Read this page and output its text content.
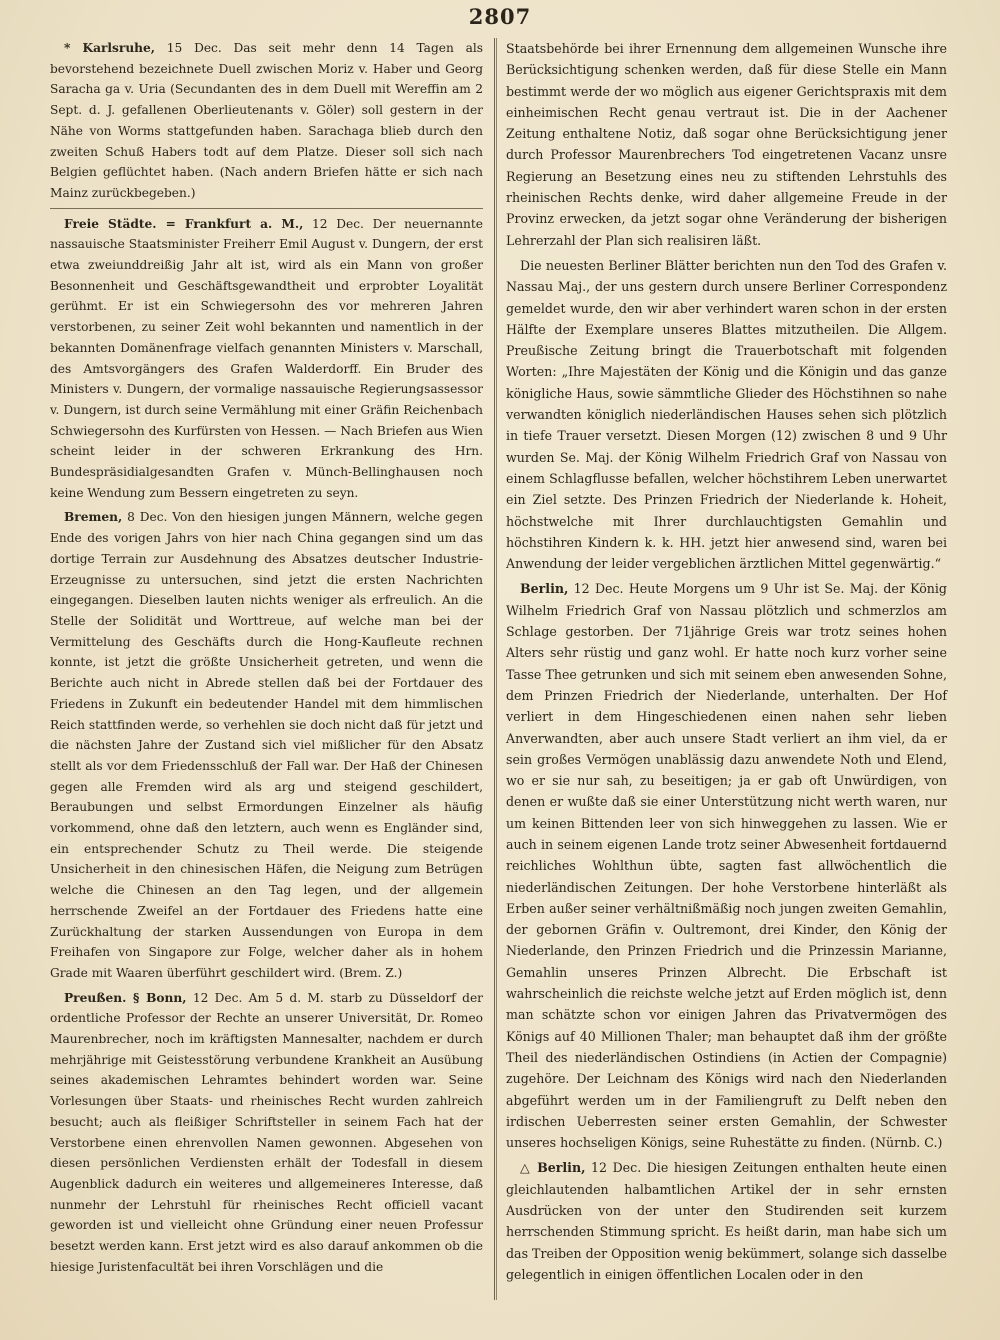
2807

* Karlsruhe, 15 Dec. Das seit mehr denn 14 Tagen als bevorstehend bezeichnete Duell zwischen Moriz v. Haber und Georg Saracha ga v. Uria (Secundanten des in dem Duell mit Wereffin am 2 Sept. d. J. gefallenen Oberlieutenants v. Göler) soll gestern in der Nähe von Worms stattgefunden haben. Sarachaga blieb durch den zweiten Schuß Habers todt auf dem Platze. Dieser soll sich nach Belgien geflüchtet haben. (Nach andern Briefen hätte er sich nach Mainz zurückbegeben.)

Freie Städte. = Frankfurt a. M., 12 Dec. Der neuernannte nassauische Staatsminister Freiherr Emil August v. Dungern, der erst etwa zweiunddreißig Jahr alt ist, wird als ein Mann von großer Besonnenheit und Geschäftsgewandtheit und erprobter Loyalität gerühmt. Er ist ein Schwiegersohn des vor mehreren Jahren verstorbenen, zu seiner Zeit wohl bekannten und namentlich in der bekannten Domänenfrage vielfach genannten Ministers v. Marschall, des Amtsvorgängers des Grafen Walderdorff. Ein Bruder des Ministers v. Dungern, der vormalige nassauische Regierungsassessor v. Dungern, ist durch seine Vermählung mit einer Gräfin Reichenbach Schwiegersohn des Kurfürsten von Hessen. — Nach Briefen aus Wien scheint leider in der schweren Erkrankung des Hrn. Bundespräsidialgesandten Grafen v. Münch-Bellinghausen noch keine Wendung zum Bessern eingetreten zu seyn.

Bremen, 8 Dec. Von den hiesigen jungen Männern, welche gegen Ende des vorigen Jahrs von hier nach China gegangen sind um das dortige Terrain zur Ausdehnung des Absatzes deutscher Industrie-Erzeugnisse zu untersuchen, sind jetzt die ersten Nachrichten eingegangen. Dieselben lauten nichts weniger als erfreulich. An die Stelle der Solidität und Worttreue, auf welche man bei der Vermittelung des Geschäfts durch die Hong-Kaufleute rechnen konnte, ist jetzt die größte Unsicherheit getreten, und wenn die Berichte auch nicht in Abrede stellen daß bei der Fortdauer des Friedens in Zukunft ein bedeutender Handel mit dem himmlischen Reich stattfinden werde, so verhehlen sie doch nicht daß für jetzt und die nächsten Jahre der Zustand sich viel mißlicher für den Absatz stellt als vor dem Friedensschluß der Fall war. Der Haß der Chinesen gegen alle Fremden wird als arg und steigend geschildert, Beraubungen und selbst Ermordungen Einzelner als häufig vorkommend, ohne daß den letztern, auch wenn es Engländer sind, ein entsprechender Schutz zu Theil werde. Die steigende Unsicherheit in den chinesischen Häfen, die Neigung zum Betrügen welche die Chinesen an den Tag legen, und der allgemein herrschende Zweifel an der Fortdauer des Friedens hatte eine Zurückhaltung der starken Aussendungen von Europa in dem Freihafen von Singapore zur Folge, welcher daher als in hohem Grade mit Waaren überführt geschildert wird. (Brem. Z.)

Preußen. § Bonn, 12 Dec. Am 5 d. M. starb zu Düsseldorf der ordentliche Professor der Rechte an unserer Universität, Dr. Romeo Maurenbrecher, noch im kräftigsten Mannesalter, nachdem er durch mehrjährige mit Geistesstörung verbundene Krankheit an Ausübung seines akademischen Lehramtes behindert worden war. Seine Vorlesungen über Staats- und rheinisches Recht wurden zahlreich besucht; auch als fleißiger Schriftsteller in seinem Fach hat der Verstorbene einen ehrenvollen Namen gewonnen. Abgesehen von diesen persönlichen Verdiensten erhält der Todesfall in diesem Augenblick dadurch ein weiteres und allgemeineres Interesse, daß nunmehr der Lehrstuhl für rheinisches Recht officiell vacant geworden ist und vielleicht ohne Gründung einer neuen Professur besetzt werden kann. Erst jetzt wird es also darauf ankommen ob die hiesige Juristenfacultät bei ihren Vorschlägen und die

Staatsbehörde bei ihrer Ernennung dem allgemeinen Wunsche ihre Berücksichtigung schenken werden, daß für diese Stelle ein Mann bestimmt werde der wo möglich aus eigener Gerichtspraxis mit dem einheimischen Recht genau vertraut ist. Die in der Aachener Zeitung enthaltene Notiz, daß sogar ohne Berücksichtigung jener durch Professor Maurenbrechers Tod eingetretenen Vacanz unsre Regierung an Besetzung eines neu zu stiftenden Lehrstuhls des rheinischen Rechts denke, wird daher allgemeine Freude in der Provinz erwecken, da jetzt sogar ohne Veränderung der bisherigen Lehrerzahl der Plan sich realisiren läßt.

Die neuesten Berliner Blätter berichten nun den Tod des Grafen v. Nassau Maj., der uns gestern durch unsere Berliner Correspondenz gemeldet wurde, den wir aber verhindert waren schon in der ersten Hälfte der Exemplare unseres Blattes mitzutheilen. Die Allgem. Preußische Zeitung bringt die Trauerbotschaft mit folgenden Worten: „Ihre Majestäten der König und die Königin und das ganze königliche Haus, sowie sämmtliche Glieder des Höchstihnen so nahe verwandten königlich niederländischen Hauses sehen sich plötzlich in tiefe Trauer versetzt. Diesen Morgen (12) zwischen 8 und 9 Uhr wurden Se. Maj. der König Wilhelm Friedrich Graf von Nassau von einem Schlagflusse befallen, welcher höchstihrem Leben unerwartet ein Ziel setzte. Des Prinzen Friedrich der Niederlande k. Hoheit, höchstwelche mit Ihrer durchlauchtigsten Gemahlin und höchstihren Kindern k. k. HH. jetzt hier anwesend sind, waren bei Anwendung der leider vergeblichen ärztlichen Mittel gegenwärtig.“

Berlin, 12 Dec. Heute Morgens um 9 Uhr ist Se. Maj. der König Wilhelm Friedrich Graf von Nassau plötzlich und schmerzlos am Schlage gestorben. Der 71jährige Greis war trotz seines hohen Alters sehr rüstig und ganz wohl. Er hatte noch kurz vorher seine Tasse Thee getrunken und sich mit seinem eben anwesenden Sohne, dem Prinzen Friedrich der Niederlande, unterhalten. Der Hof verliert in dem Hingeschiedenen einen nahen sehr lieben Anverwandten, aber auch unsere Stadt verliert an ihm viel, da er sein großes Vermögen unablässig dazu anwendete Noth und Elend, wo er sie nur sah, zu beseitigen; ja er gab oft Unwürdigen, von denen er wußte daß sie einer Unterstützung nicht werth waren, nur um keinen Bittenden leer von sich hinweggehen zu lassen. Wie er auch in seinem eigenen Lande trotz seiner Abwesenheit fortdauernd reichliches Wohlthun übte, sagten fast allwöchentlich die niederländischen Zeitungen. Der hohe Verstorbene hinterläßt als Erben außer seiner verhältnißmäßig noch jungen zweiten Gemahlin, der gebornen Gräfin v. Oultremont, drei Kinder, den König der Niederlande, den Prinzen Friedrich und die Prinzessin Marianne, Gemahlin unseres Prinzen Albrecht. Die Erbschaft ist wahrscheinlich die reichste welche jetzt auf Erden möglich ist, denn man schätzte schon vor einigen Jahren das Privatvermögen des Königs auf 40 Millionen Thaler; man behauptet daß ihm der größte Theil des niederländischen Ostindiens (in Actien der Compagnie) zugehöre. Der Leichnam des Königs wird nach den Niederlanden abgeführt werden um in der Familiengruft zu Delft neben den irdischen Ueberresten seiner ersten Gemahlin, der Schwester unseres hochseligen Königs, seine Ruhestätte zu finden. (Nürnb. C.)

△ Berlin, 12 Dec. Die hiesigen Zeitungen enthalten heute einen gleichlautenden halbamtlichen Artikel der in sehr ernsten Ausdrücken von der unter den Studirenden seit kurzem herrschenden Stimmung spricht. Es heißt darin, man habe sich um das Treiben der Opposition wenig bekümmert, solange sich dasselbe gelegentlich in einigen öffentlichen Localen oder in den
